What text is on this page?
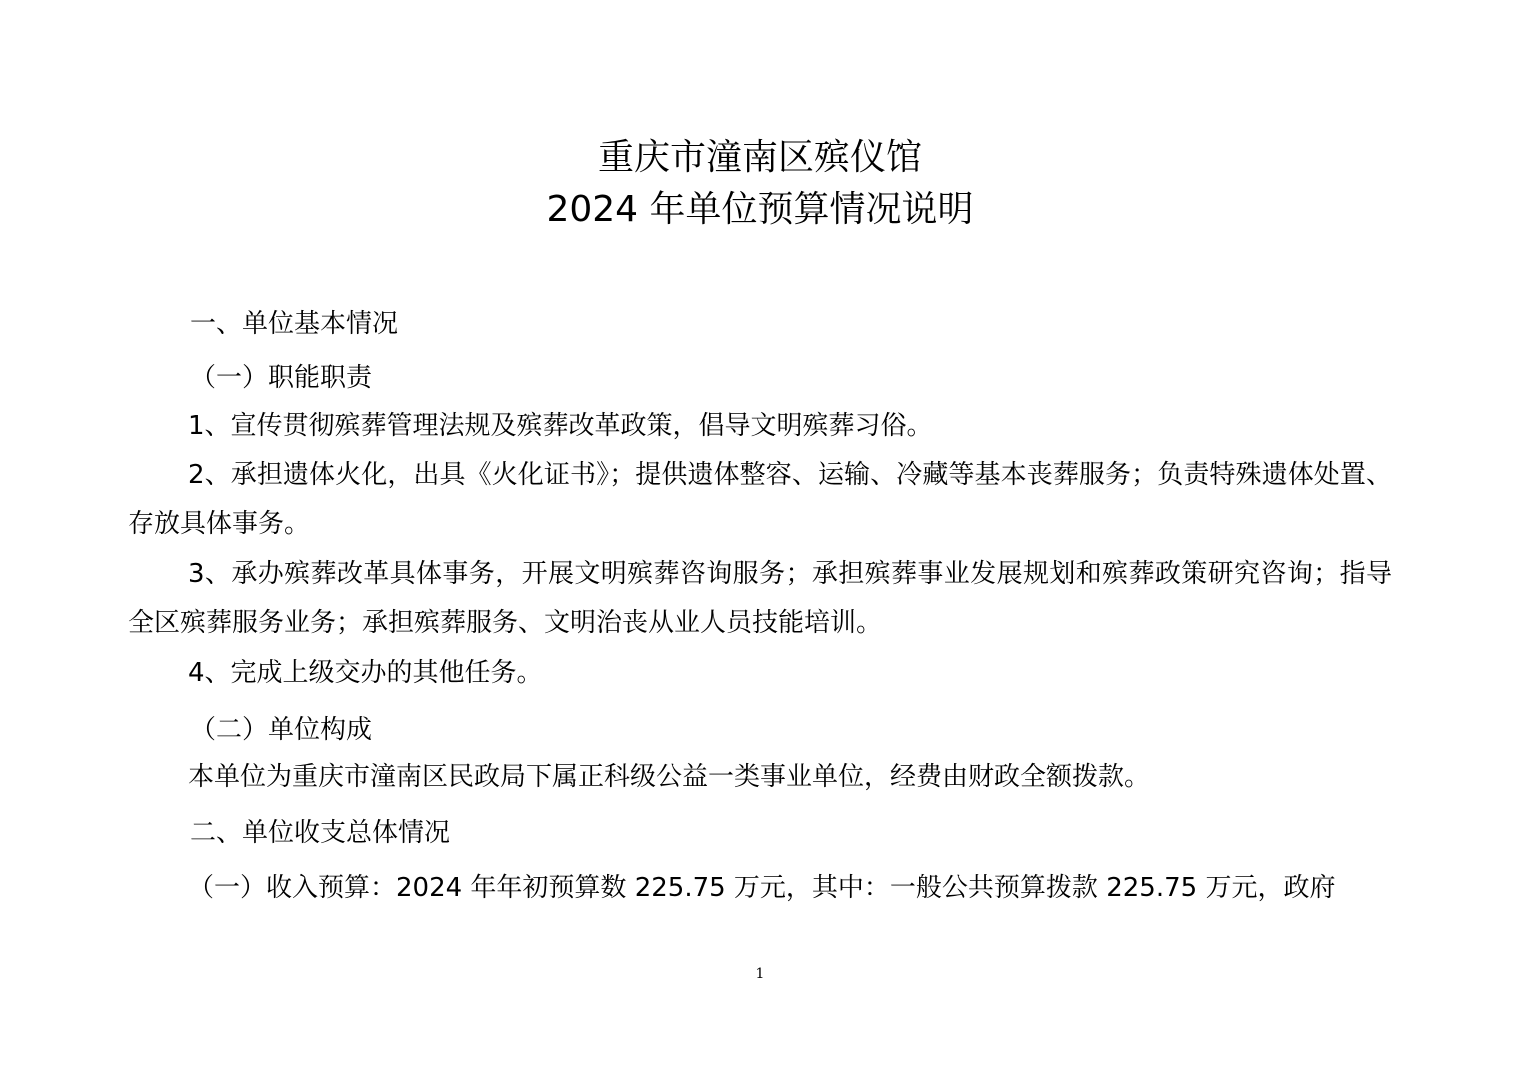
重庆市潼南区殡仪馆
2024 年单位预算情况说明
一、单位基本情况
（一）职能职责
1、宣传贯彻殡葬管理法规及殡葬改革政策，倡导文明殡葬习俗。
2、承担遗体火化，出具《火化证书》；提供遗体整容、运输、冷藏等基本丧葬服务；负责特殊遗体处置、存放具体事务。
3、承办殡葬改革具体事务，开展文明殡葬咨询服务；承担殡葬事业发展规划和殡葬政策研究咨询；指导全区殡葬服务业务；承担殡葬服务、文明治丧从业人员技能培训。
4、完成上级交办的其他任务。
（二）单位构成
本单位为重庆市潼南区民政局下属正科级公益一类事业单位，经费由财政全额拨款。
二、单位收支总体情况
（一）收入预算：2024 年年初预算数 225.75 万元，其中：一般公共预算拨款 225.75 万元，政府
1
